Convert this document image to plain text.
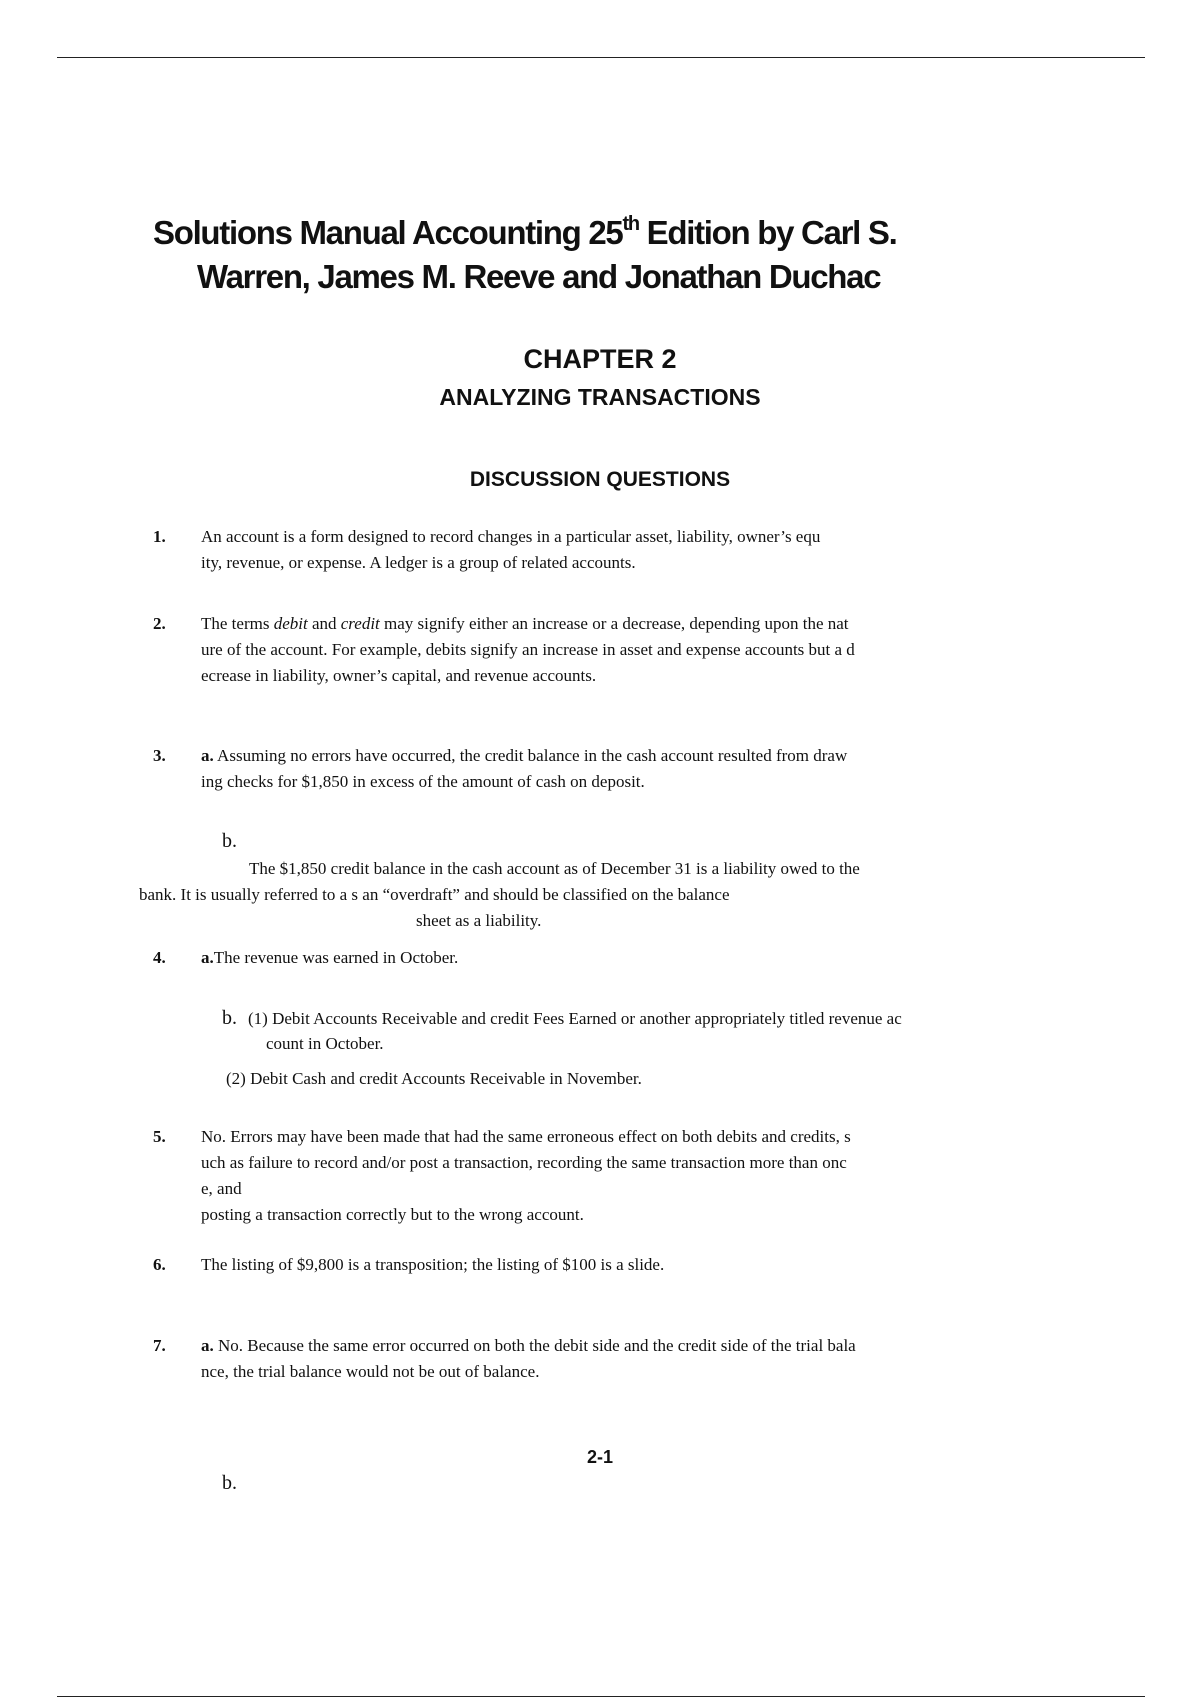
Solutions Manual Accounting 25th Edition by Carl S.
Warren, James M. Reeve and Jonathan Duchac
CHAPTER 2
ANALYZING TRANSACTIONS
DISCUSSION QUESTIONS
1.	An account is a form designed to record changes in a particular asset, liability, owner’s equ
ity, revenue, or expense. A ledger is a group of related accounts.
2.	The terms debit and credit may signify either an increase or a decrease, depending upon the nat
ure of the account. For example, debits signify an increase in asset and expense accounts but a d
ecrease in liability, owner’s capital, and revenue accounts.
3.	a. Assuming no errors have occurred, the credit balance in the cash account resulted from draw
ing checks for $1,850 in excess of the amount of cash on deposit.
b.
The $1,850 credit balance in the cash account as of December 31 is a liability owed to the
bank. It is usually referred to a s an “overdraft” and should be classified on the balance
sheet as a liability.
4.	a.The revenue was earned in October.
b. (1) Debit Accounts Receivable and credit Fees Earned or another appropriately titled revenue ac
count in October.
(2) Debit Cash and credit Accounts Receivable in November.
5.	No. Errors may have been made that had the same erroneous effect on both debits and credits, s
uch as failure to record and/or post a transaction, recording the same transaction more than onc
e, and
posting a transaction correctly but to the wrong account.
6.	The listing of $9,800 is a transposition; the listing of $100 is a slide.
7.	a. No. Because the same error occurred on both the debit side and the credit side of the trial bala
nce, the trial balance would not be out of balance.
2-1
b.
